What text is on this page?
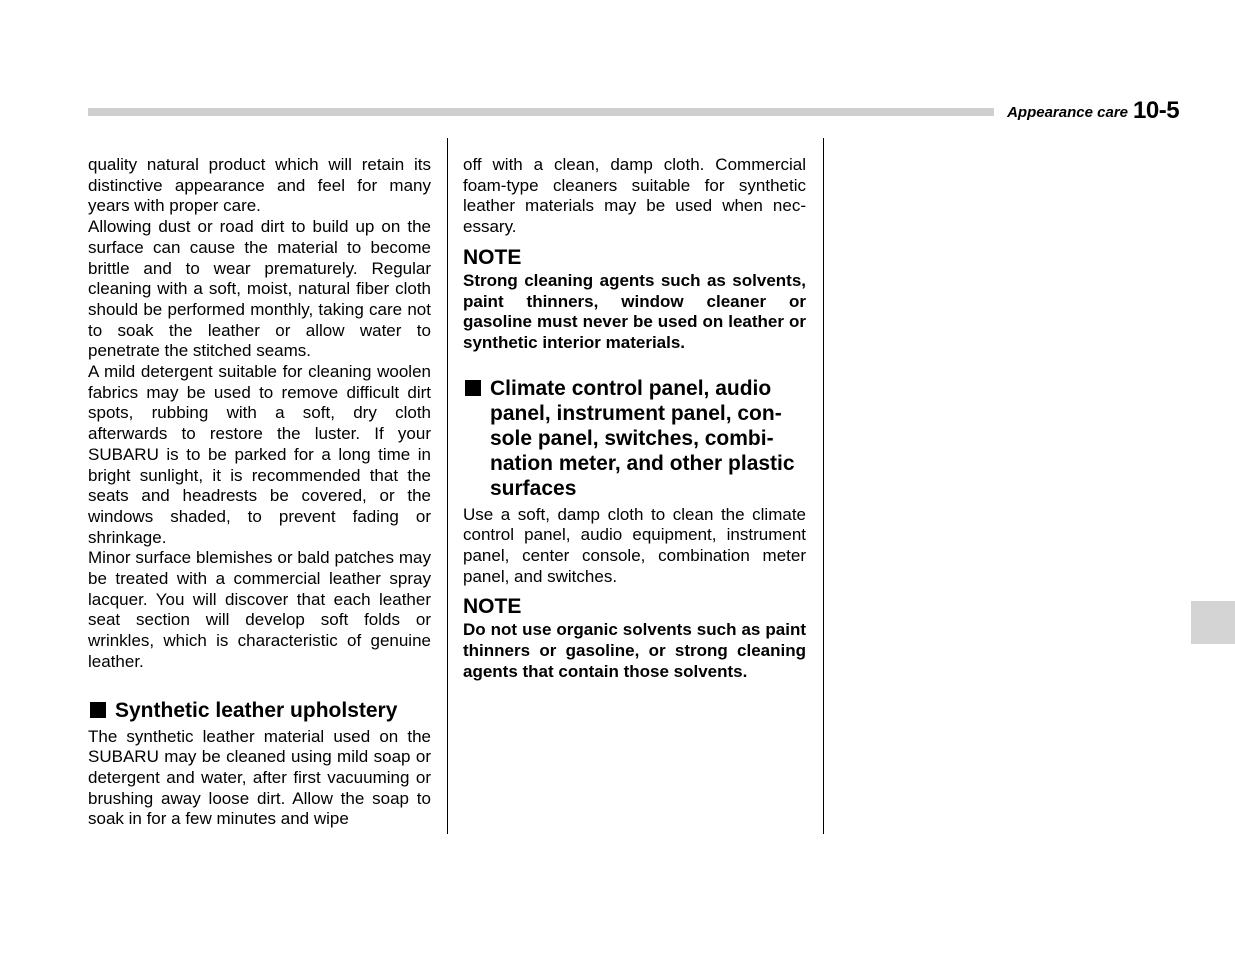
Appearance care 10-5

quality natural product which will retain its distinctive appearance and feel for many years with proper care.

Allowing dust or road dirt to build up on the surface can cause the material to become brittle and to wear prematurely. Regular cleaning with a soft, moist, natural fiber cloth should be performed monthly, taking care not to soak the leather or allow water to penetrate the stitched seams.

A mild detergent suitable for cleaning woolen fabrics may be used to remove difficult dirt spots, rubbing with a soft, dry cloth afterwards to restore the luster. If your SUBARU is to be parked for a long time in bright sunlight, it is recommended that the seats and headrests be covered, or the windows shaded, to prevent fading or shrinkage.

Minor surface blemishes or bald patches may be treated with a commercial leather spray lacquer. You will discover that each leather seat section will develop soft folds or wrinkles, which is characteristic of genuine leather.

Synthetic leather upholstery

The synthetic leather material used on the SUBARU may be cleaned using mild soap or detergent and water, after first vacuuming or brushing away loose dirt. Allow the soap to soak in for a few minutes and wipe

off with a clean, damp cloth. Commercial foam-type cleaners suitable for synthetic leather materials may be used when necessary.

NOTE

Strong cleaning agents such as solvents, paint thinners, window cleaner or gasoline must never be used on leather or synthetic interior materials.

Climate control panel, audio panel, instrument panel, console panel, switches, combination meter, and other plastic surfaces

Use a soft, damp cloth to clean the climate control panel, audio equipment, instrument panel, center console, combination meter panel, and switches.

NOTE

Do not use organic solvents such as paint thinners or gasoline, or strong cleaning agents that contain those solvents.
